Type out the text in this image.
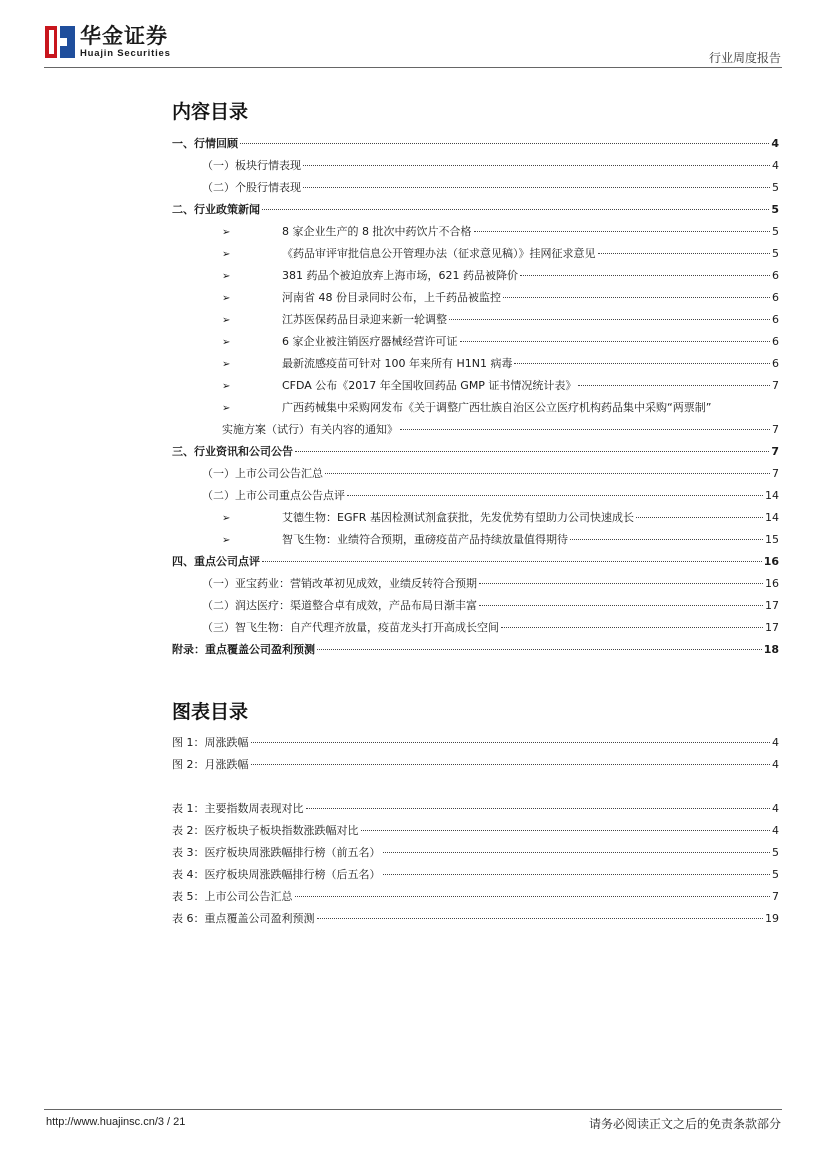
华金证券
Huajin Securities	行业周度报告
内容目录
一、行情回顾	4
（一）板块行情表现	4
（二）个股行情表现	5
二、行业政策新闻	5
➢	8 家企业生产的 8 批次中药饮片不合格	5
➢	《药品审评审批信息公开管理办法（征求意见稿）》挂网征求意见	5
➢	381 药品个被迫放弃上海市场，621 药品被降价	6
➢	河南省 48 份目录同时公布，上千药品被监控	6
➢	江苏医保药品目录迎来新一轮调整	6
➢	6 家企业被注销医疗器械经营许可证	6
➢	最新流感疫苗可针对 100 年来所有 H1N1 病毒	6
➢	CFDA 公布《2017 年全国收回药品 GMP 证书情况统计表》	7
➢	广西药械集中采购网发布《关于调整广西壮族自治区公立医疗机构药品集中采购“两票制”
实施方案（试行）有关内容的通知》	7
三、行业资讯和公司公告	7
（一）上市公司公告汇总	7
（二）上市公司重点公告点评	14
➢	艾德生物：EGFR 基因检测试剂盒获批，先发优势有望助力公司快速成长	14
➢	智飞生物：业绩符合预期，重磅疫苗产品持续放量值得期待	15
四、重点公司点评	16
（一）亚宝药业：营销改革初见成效，业绩反转符合预期	16
（二）润达医疗：渠道整合卓有成效，产品布局日渐丰富	17
（三）智飞生物：自产代理齐放量，疫苗龙头打开高成长空间	17
附录：重点覆盖公司盈利预测	18
图表目录
图 1：周涨跌幅	4
图 2：月涨跌幅	4
表 1：主要指数周表现对比	4
表 2：医疗板块子板块指数涨跌幅对比	4
表 3：医疗板块周涨跌幅排行榜（前五名）	5
表 4：医疗板块周涨跌幅排行榜（后五名）	5
表 5：上市公司公告汇总	7
表 6：重点覆盖公司盈利预测	19
http://www.huajinsc.cn/3 / 21	请务必阅读正文之后的免责条款部分
